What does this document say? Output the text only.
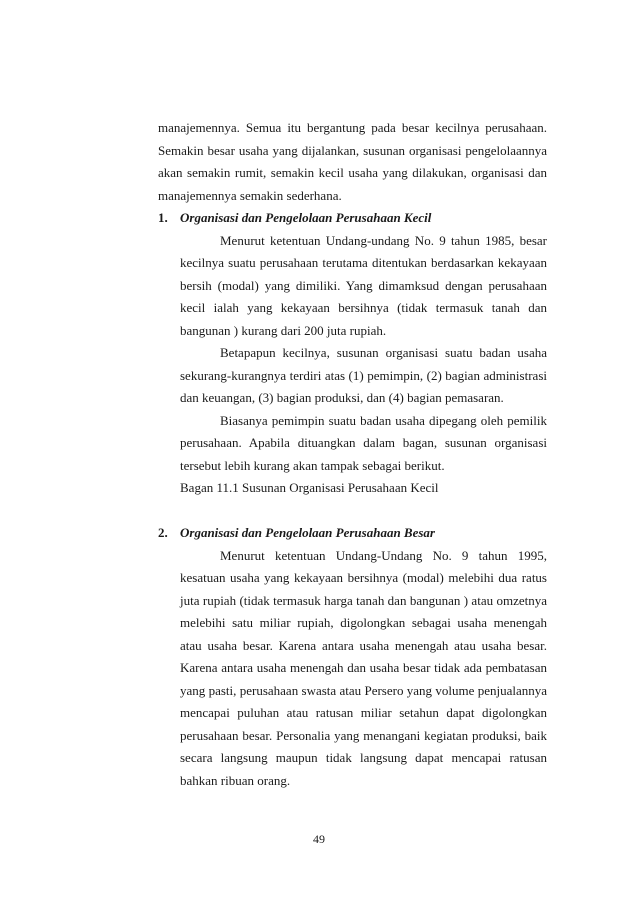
manajemennya. Semua itu bergantung pada besar kecilnya perusahaan. Semakin besar usaha yang dijalankan, susunan organisasi pengelolaannya akan semakin rumit, semakin kecil usaha yang dilakukan, organisasi dan manajemennya semakin sederhana.

1. Organisasi dan Pengelolaan Perusahaan Kecil

Menurut ketentuan Undang-undang No. 9 tahun 1985, besar kecilnya suatu perusahaan terutama ditentukan berdasarkan kekayaan bersih (modal) yang dimiliki. Yang dimamksud dengan perusahaan kecil ialah yang kekayaan bersihnya (tidak termasuk tanah dan bangunan ) kurang dari 200 juta rupiah.

Betapapun kecilnya, susunan organisasi suatu badan usaha sekurang-kurangnya terdiri atas (1) pemimpin, (2) bagian administrasi dan keuangan, (3) bagian produksi, dan (4) bagian pemasaran.

Biasanya pemimpin suatu badan usaha dipegang oleh pemilik perusahaan. Apabila dituangkan dalam bagan, susunan organisasi tersebut lebih kurang akan tampak sebagai berikut.

Bagan 11.1 Susunan Organisasi Perusahaan Kecil

2. Organisasi dan Pengelolaan Perusahaan Besar

Menurut ketentuan Undang-Undang No. 9 tahun 1995, kesatuan usaha yang kekayaan bersihnya (modal) melebihi dua ratus juta rupiah (tidak termasuk harga tanah dan bangunan ) atau omzetnya melebihi satu miliar rupiah, digolongkan sebagai usaha menengah atau usaha besar. Karena antara usaha menengah atau usaha besar. Karena antara usaha menengah dan usaha besar tidak ada pembatasan yang pasti, perusahaan swasta atau Persero yang volume penjualannya mencapai puluhan atau ratusan miliar setahun dapat digolongkan perusahaan besar. Personalia yang menangani kegiatan produksi, baik secara langsung maupun tidak langsung dapat mencapai ratusan bahkan ribuan orang.

49
